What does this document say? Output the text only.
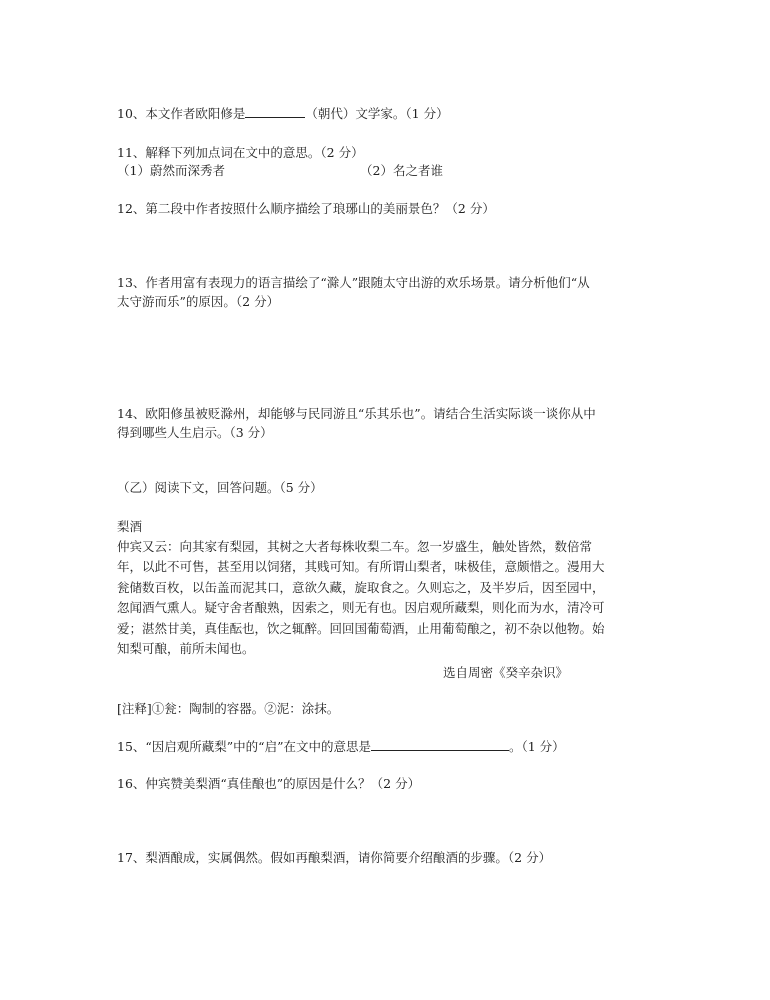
10、本文作者欧阳修是	（朝代）文学家。（1 分）
11、解释下列加点词在文中的意思。（2 分）
（1）蔚然而深秀者	（2）名之者谁
12、第二段中作者按照什么顺序描绘了琅琊山的美丽景色？（2 分）
13、作者用富有表现力的语言描绘了“滁人”跟随太守出游的欢乐场景。请分析他们“从
太守游而乐”的原因。（2 分）
14、欧阳修虽被贬滁州，却能够与民同游且“乐其乐也”。请结合生活实际谈一谈你从中
得到哪些人生启示。（3 分）
（乙）阅读下文，回答问题。（5 分）
梨酒
仲宾又云：向其家有梨园，其树之大者每株收梨二车。忽一岁盛生，触处皆然，数倍常
年，以此不可售，甚至用以饲猪，其贱可知。有所谓山梨者，味极佳，意颇惜之。漫用大
瓮储数百枚，以缶盖而泥其口，意欲久藏，旋取食之。久则忘之，及半岁后，因至园中，
忽闻酒气熏人。疑守舍者酿熟，因索之，则无有也。因启观所藏梨，则化而为水，清冷可
爱；湛然甘美，真佳酝也，饮之辄醉。回回国葡萄酒，止用葡萄酿之，初不杂以他物。始
知梨可酿，前所未闻也。
选自周密《癸辛杂识》
[注释]①瓮：陶制的容器。②泥：涂抹。
15、“因启观所藏梨”中的“启”在文中的意思是	。（1 分）
16、仲宾赞美梨酒“真佳酿也”的原因是什么？（2 分）
17、梨酒酿成，实属偶然。假如再酿梨酒，请你简要介绍酿酒的步骤。（2 分）
